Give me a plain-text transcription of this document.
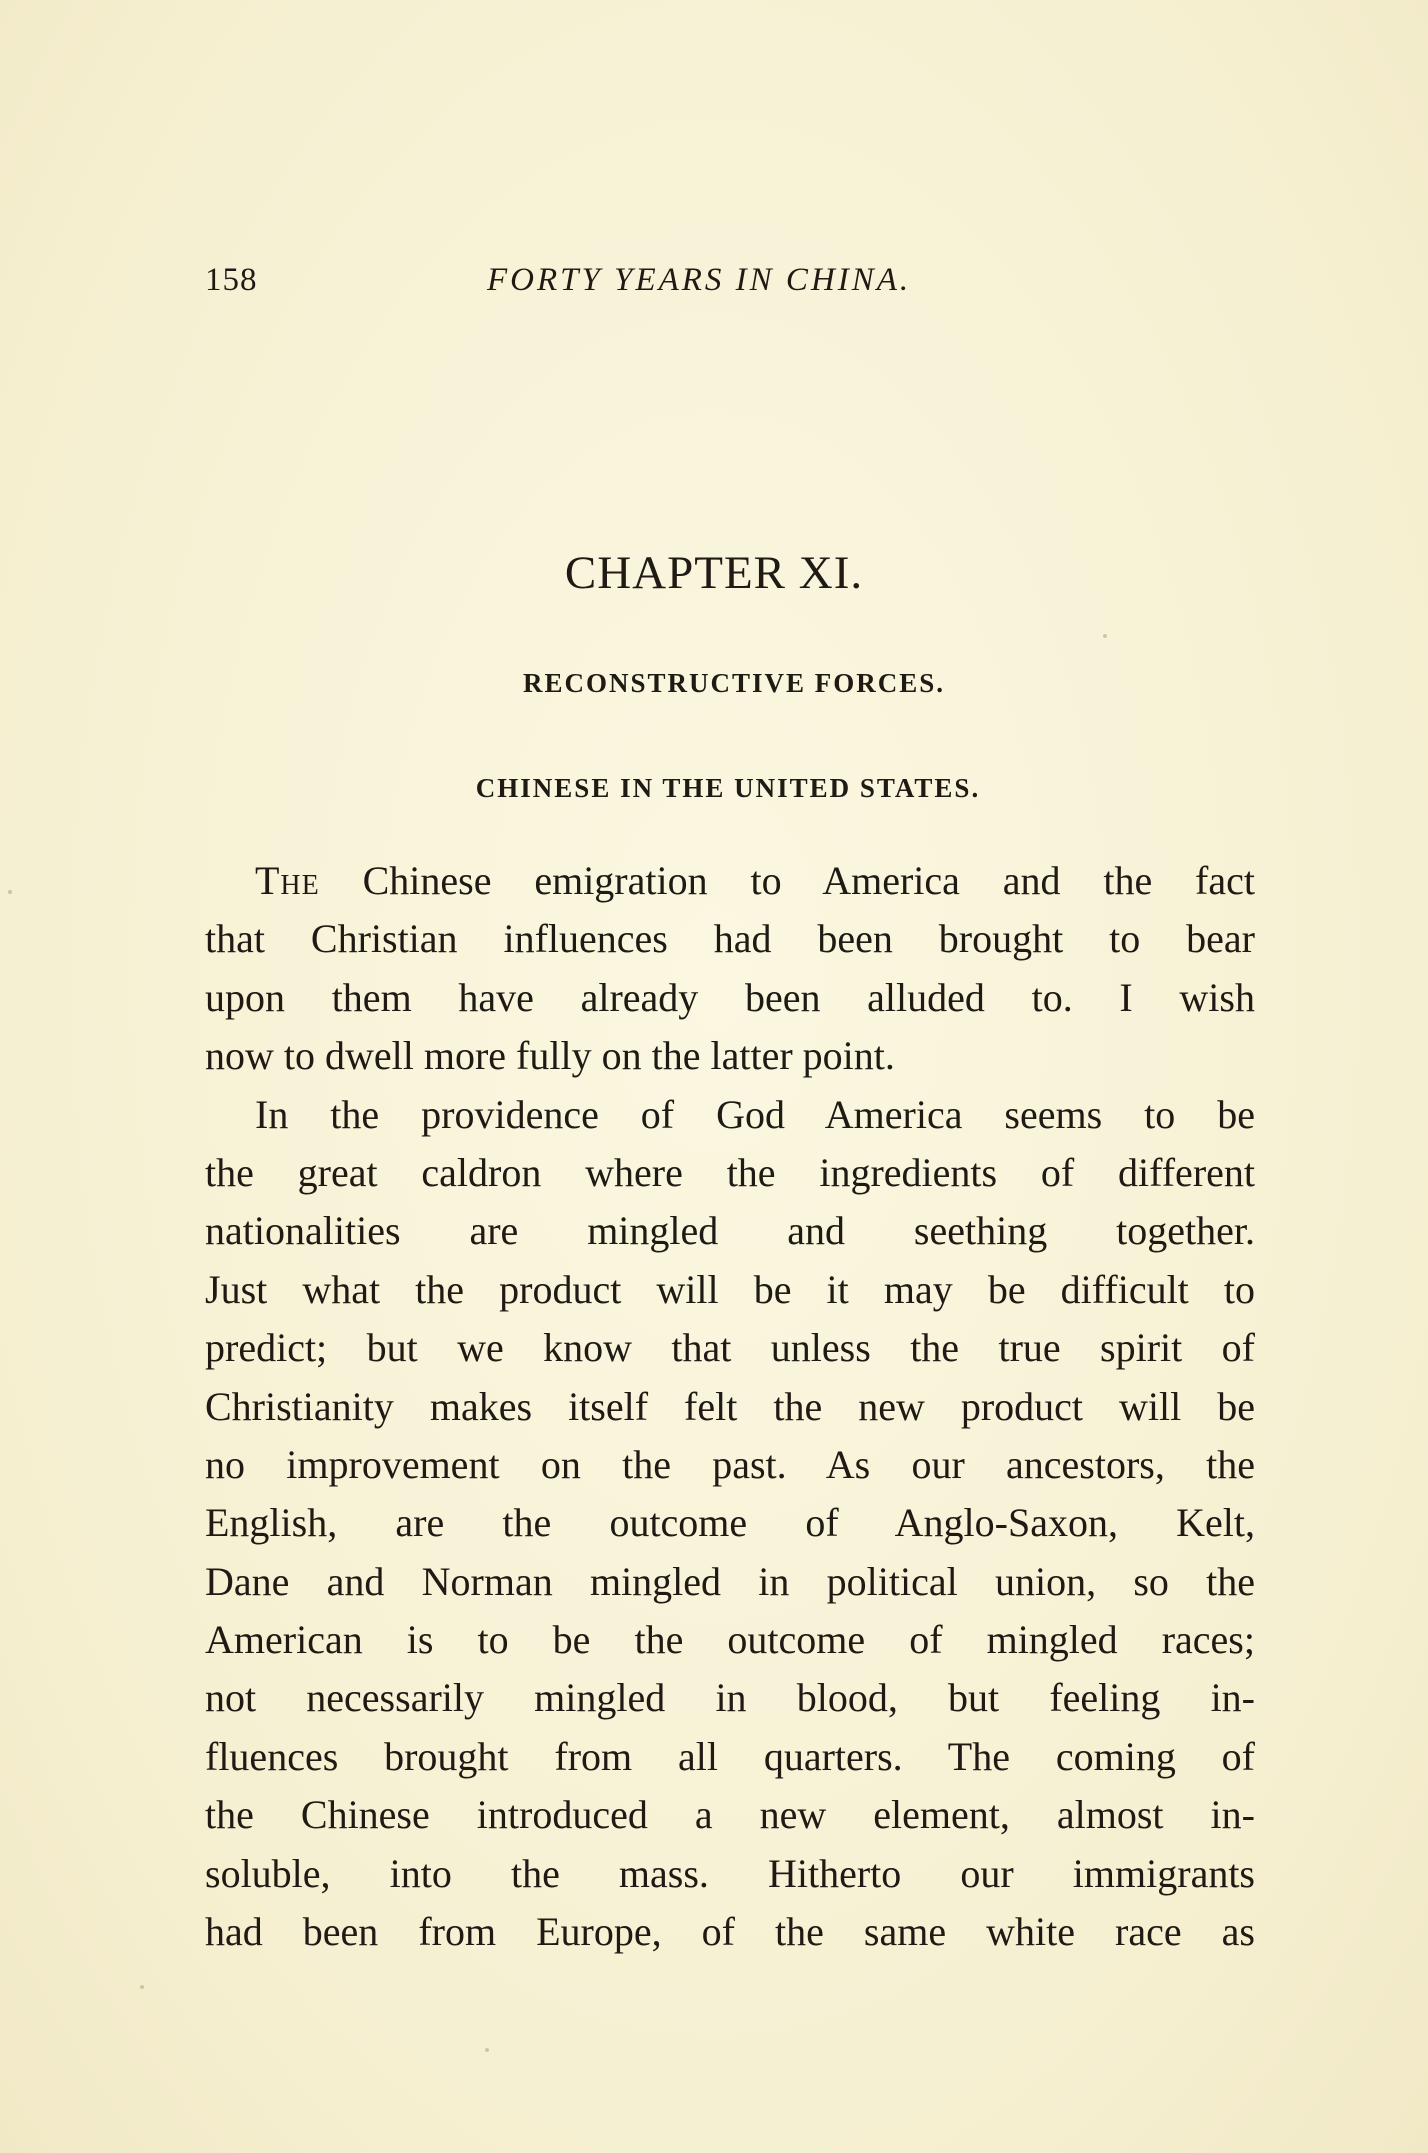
158	FORTY YEARS IN CHINA.
CHAPTER XI.
RECONSTRUCTIVE FORCES.
CHINESE IN THE UNITED STATES.
The Chinese emigration to America and the fact
that Christian influences had been brought to bear
upon them have already been alluded to. I wish
now to dwell more fully on the latter point.
In the providence of God America seems to be
the great caldron where the ingredients of different
nationalities are mingled and seething together.
Just what the product will be it may be difficult to
predict; but we know that unless the true spirit of
Christianity makes itself felt the new product will be
no improvement on the past. As our ancestors, the
English, are the outcome of Anglo-Saxon, Kelt,
Dane and Norman mingled in political union, so the
American is to be the outcome of mingled races;
not necessarily mingled in blood, but feeling in-
fluences brought from all quarters. The coming of
the Chinese introduced a new element, almost in-
soluble, into the mass. Hitherto our immigrants
had been from Europe, of the same white race as
